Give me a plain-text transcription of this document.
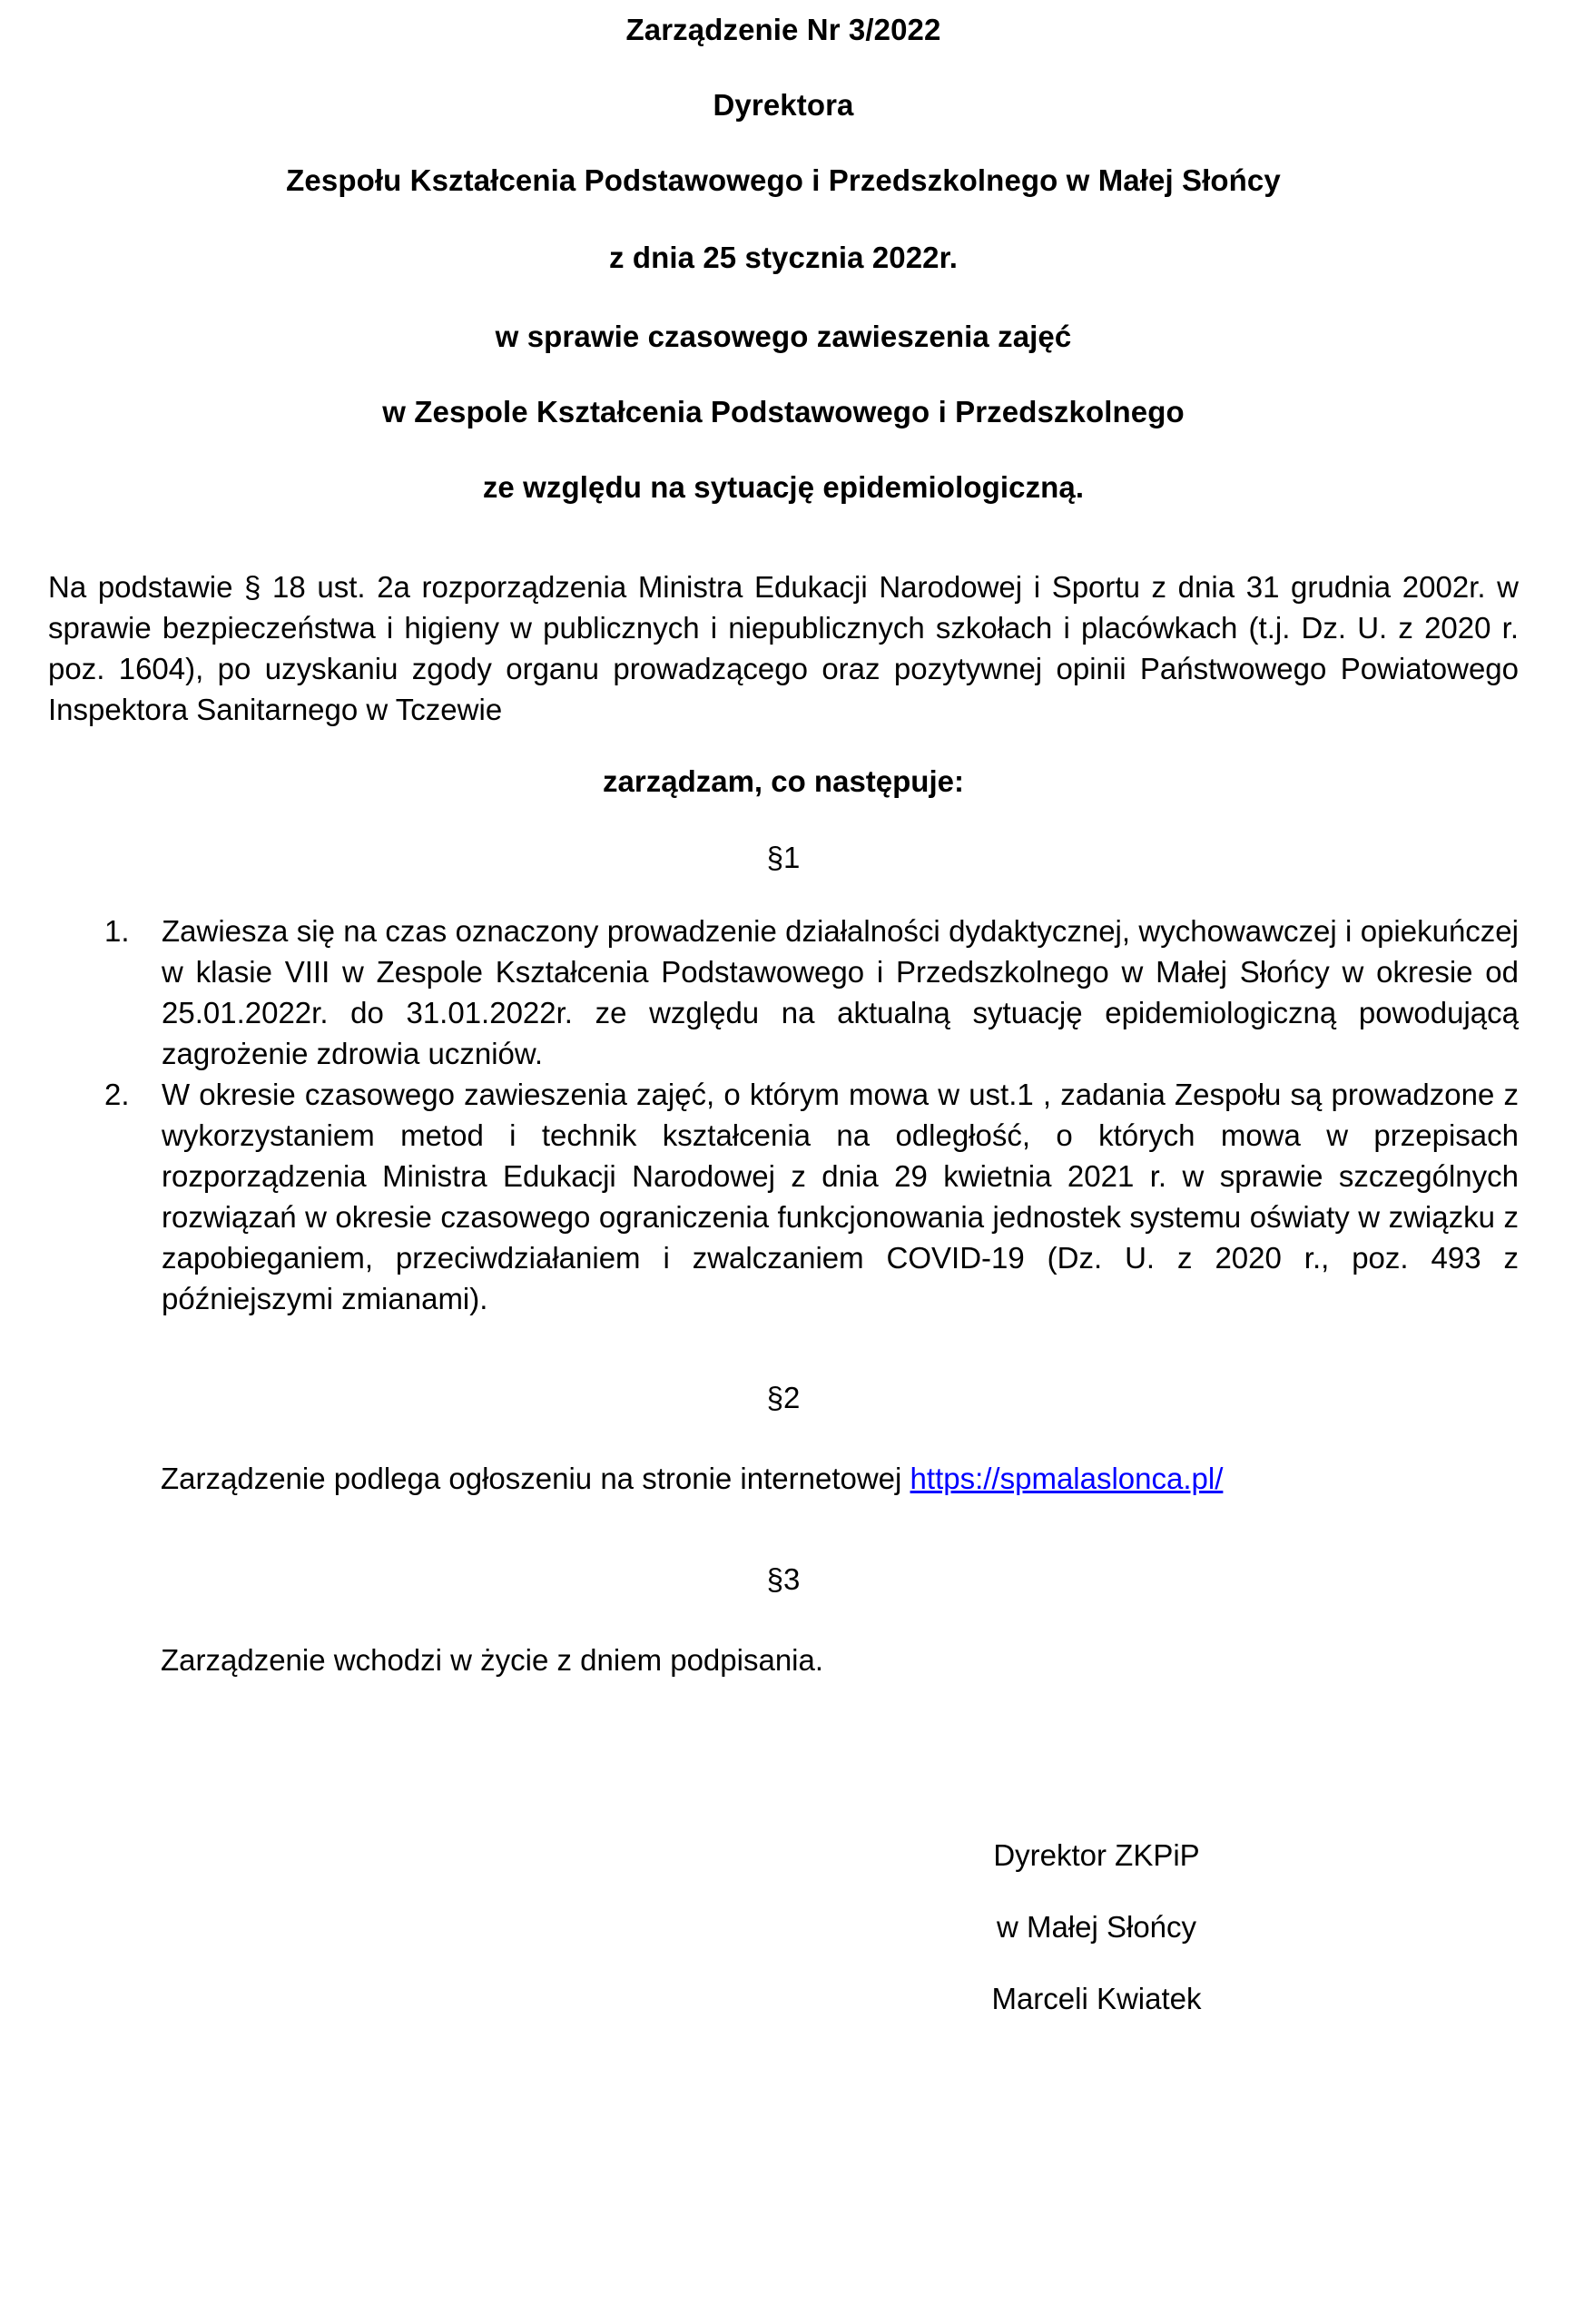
Zarządzenie Nr 3/2022

Dyrektora

Zespołu Kształcenia Podstawowego i Przedszkolnego w Małej Słońcy

z dnia 25 stycznia 2022r.

w sprawie czasowego zawieszenia zajęć

w Zespole Kształcenia Podstawowego i Przedszkolnego

ze względu na sytuację epidemiologiczną.

Na podstawie § 18 ust. 2a rozporządzenia Ministra Edukacji Narodowej i Sportu z dnia 31 grudnia 2002r. w sprawie bezpieczeństwa i higieny w publicznych i niepublicznych szkołach i placówkach (t.j. Dz. U. z 2020 r. poz. 1604), po uzyskaniu zgody organu prowadzącego oraz pozytywnej opinii Państwowego Powiatowego Inspektora Sanitarnego w Tczewie

zarządzam, co następuje:

§1

Zawiesza się na czas oznaczony prowadzenie działalności dydaktycznej, wychowawczej i opiekuńczej w klasie VIII w Zespole Kształcenia Podstawowego i Przedszkolnego w Małej Słońcy w okresie od 25.01.2022r. do 31.01.2022r. ze względu na aktualną sytuację epidemiologiczną powodującą zagrożenie zdrowia uczniów.
W okresie czasowego zawieszenia zajęć, o którym mowa w ust.1 , zadania Zespołu są prowadzone z wykorzystaniem metod i technik kształcenia na odległość, o których mowa w przepisach rozporządzenia Ministra Edukacji Narodowej z dnia 29 kwietnia 2021 r. w sprawie szczególnych rozwiązań w okresie czasowego ograniczenia funkcjonowania jednostek systemu oświaty w związku z zapobieganiem, przeciwdziałaniem i zwalczaniem COVID-19 (Dz. U. z 2020 r., poz. 493 z późniejszymi zmianami).

§2

Zarządzenie podlega ogłoszeniu na stronie internetowej https://spmalaslonca.pl/

§3

Zarządzenie wchodzi w życie z dniem podpisania.

Dyrektor ZKPiP

w Małej Słońcy

Marceli Kwiatek
